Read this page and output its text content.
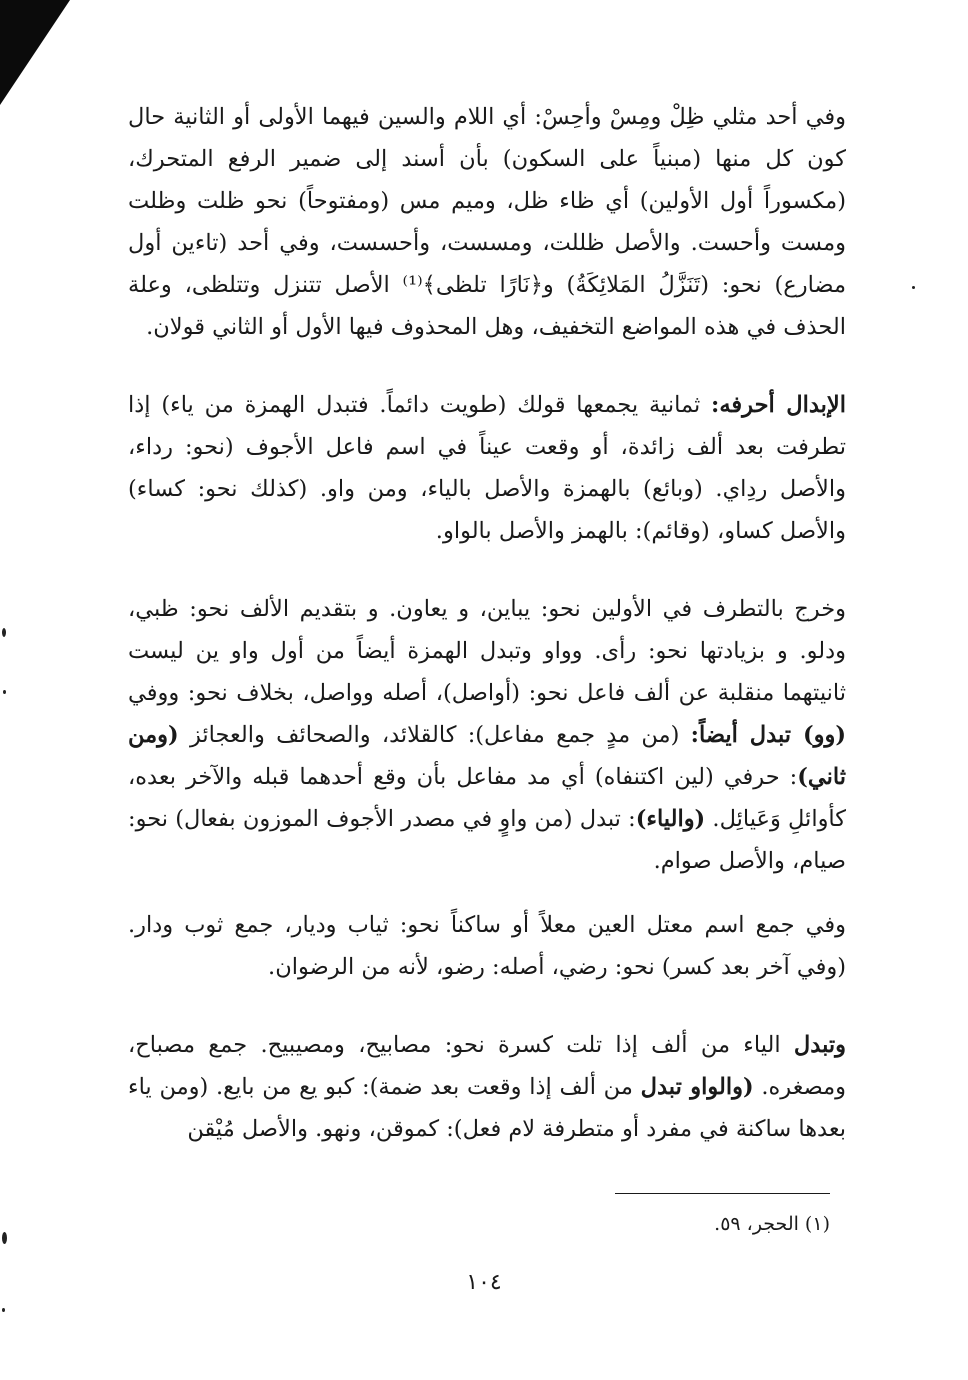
وفي أحد مثلي ظِلْ ومِسْ وأحِسْ: أي اللام والسين فيهما الأولى أو الثانية حال كون كل منها (مبنياً على السكون) بأن أسند إلى ضمير الرفع المتحرك، (مكسوراً أول الأولين) أي ظاء ظل، وميم مس (ومفتوحاً) نحو ظلت وظلت ومست وأحست. والأصل ظللت، ومسست، وأحسست، وفي أحد (تاءين أول مضارع) نحو: (تَنَزَّلُ المَلائِكَةُ) و﴿نَارًا تلظى﴾⁽¹⁾ الأصل تتنزل وتتلظى، وعلة الحذف في هذه المواضع التخفيف، وهل المحذوف فيها الأول أو الثاني قولان.

الإبدال أحرفه: ثمانية يجمعها قولك (طويت دائماً. فتبدل الهمزة من ياء) إذا تطرفت بعد ألف زائدة، أو وقعت عيناً في اسم فاعل الأجوف (نحو: رداء، والأصل ردِاي. (وبائع) بالهمزة والأصل بالياء، ومن واو. (كذلك نحو: كساء) والأصل كساو، (وقائم): بالهمز والأصل بالواو.

وخرج بالتطرف في الأولين نحو: يباين، و يعاون. و بتقديم الألف نحو: ظبي، ودلو. و بزيادتها نحو: رأى. وواو وتبدل الهمزة أيضاً من أول واو ين ليست ثانيتهما منقلبة عن ألف فاعل نحو: (أواصل)، أصله وواصل، بخلاف نحو: ووفي (وو) تبدل أيضاً: (من مدٍ جمع مفاعل): كالقلائد، والصحائف والعجائز (ومن ثاني): حرفي (لين اكتنفاه) أي مد مفاعل بأن وقع أحدهما قبله والآخر بعده، كأوائلِ وَعَيائِل. (والياء): تبدل (من واوٍ في مصدر الأجوف الموزون بفعال) نحو: صيام، والأصل صوام.

وفي جمع اسم معتل العين معلاً أو ساكناً نحو: ثياب وديار، جمع ثوب ودار. (وفي آخر بعد كسر) نحو: رضي، أصله: رضو، لأنه من الرضوان.

وتبدل الياء من ألف إذا تلت كسرة نحو: مصابيح، ومصيبيح. جمع مصباح، ومصغره. (والواو تبدل من ألف إذا وقعت بعد ضمة): كبو يع من بايع. (ومن ياء بعدها ساكنة في مفرد أو متطرفة لام فعل): كموقن، ونهو. والأصل مُيْقن

(١) الحجر، ٥٩.
١٠٤
